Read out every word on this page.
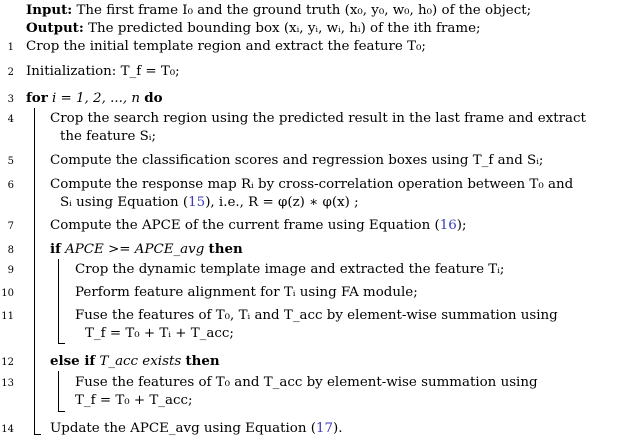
Input: The first frame I₀ and the ground truth (x₀, y₀, w₀, h₀) of the object;
Output: The predicted bounding box (xᵢ, yᵢ, wᵢ, hᵢ) of the ith frame;
1 Crop the initial template region and extract the feature T₀;
2 Initialization: T_f = T₀;
3 for i = 1, 2, ..., n do
4	Crop the search region using the predicted result in the last frame and extract
the feature Sᵢ;
5	Compute the classification scores and regression boxes using T_f and Sᵢ;
6	Compute the response map Rᵢ by cross-correlation operation between T₀ and
Sᵢ using Equation (15), i.e., R = φ(z) ∗ φ(x) ;
7	Compute the APCE of the current frame using Equation (16);
8	if APCE >= APCE_avg then
9	Crop the dynamic template image and extracted the feature Tᵢ;
10	Perform feature alignment for Tᵢ using FA module;
11	Fuse the features of T₀, Tᵢ and T_acc by element-wise summation using
T_f = T₀ + Tᵢ + T_acc;
12	else if T_acc exists then
13	Fuse the features of T₀ and T_acc by element-wise summation using
T_f = T₀ + T_acc;
14	Update the APCE_avg using Equation (17).
